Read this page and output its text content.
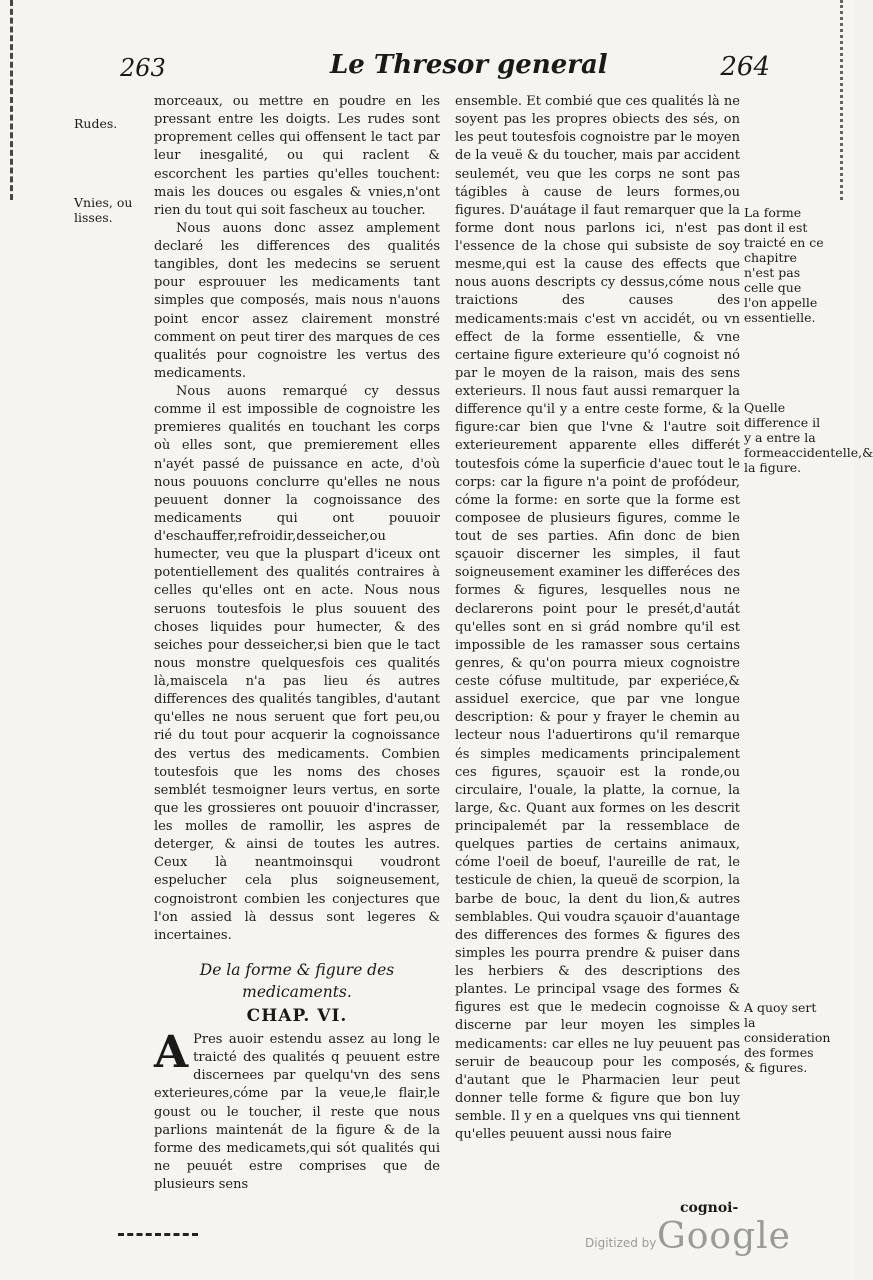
263	Le Thresor general	264
Rudes.
Vnies, ou lisses.	La forme dont il est traicté en ce chapitre n'est pas celle que l'on appelle essentielle.
Quelle difference il y a entre la formeaccidentelle,& la figure.
A quoy sert la consideration des formes & figures.

morceaux, ou mettre en poudre en les pressant entre les doigts. Les rudes sont proprement celles qui offensent le tact par leur inesgalité, ou qui raclent & escorchent les parties qu'elles touchent: mais les douces ou esgales & vnies,n'ont rien du tout qui soit fascheux au toucher.

Nous auons donc assez amplement declaré les differences des qualités tangibles, dont les medecins se seruent pour esprouuer les medicaments tant simples que composés, mais nous n'auons point encor assez clairement monstré comment on peut tirer des marques de ces qualités pour cognoistre les vertus des medicaments.

Nous auons remarqué cy dessus comme il est impossible de cognoistre les premieres qualités en touchant les corps où elles sont, que premierement elles n'ayét passé de puissance en acte, d'où nous pouuons conclurre qu'elles ne nous peuuent donner la cognoissance des medicaments qui ont pouuoir d'eschauffer,refroidir,desseicher,ou humecter, veu que la pluspart d'iceux ont potentiellement des qualités contraires à celles qu'elles ont en acte. Nous nous seruons toutesfois le plus souuent des choses liquides pour humecter, & des seiches pour desseicher,si bien que le tact nous monstre quelquesfois ces qualités là,maiscela n'a pas lieu és autres differences des qualités tangibles, d'autant qu'elles ne nous seruent que fort peu,ou rié du tout pour acquerir la cognoissance des vertus des medicaments. Combien toutesfois que les noms des choses semblét tesmoigner leurs vertus, en sorte que les grossieres ont pouuoir d'incrasser, les molles de ramollir, les aspres de deterger, & ainsi de toutes les autres. Ceux là neantmoinsqui voudront espelucher cela plus soigneusement, cognoistront combien les conjectures que l'on assied là dessus sont legeres & incertaines.

De la forme & figure des medicaments.
CHAP. VI.

A Pres auoir estendu assez au long le traicté des qualités q peuuent estre discernees par quelqu'vn des sens exterieures,cóme par la veue,le flair,le goust ou le toucher, il reste que nous parlions maintenát de la figure & de la forme des medicamets,qui sót qualités qui ne peuuét estre comprises que de plusieurs sens

ensemble. Et combié que ces qualités là ne soyent pas les propres obiects des sés, on les peut toutesfois cognoistre par le moyen de la veuë & du toucher, mais par accident seulemét, veu que les corps ne sont pas tágibles à cause de leurs formes,ou figures. D'auátage il faut remarquer que la forme dont nous parlons ici, n'est pas l'essence de la chose qui subsiste de soy mesme,qui est la cause des effects que nous auons descripts cy dessus,cóme nous traictions des causes des medicaments:mais c'est vn accidét, ou vn effect de la forme essentielle, & vne certaine figure exterieure qu'ó cognoist nó par le moyen de la raison, mais des sens exterieurs. Il nous faut aussi remarquer la difference qu'il y a entre ceste forme, & la figure:car bien que l'vne & l'autre soit exterieurement apparente elles differét toutesfois cóme la superficie d'auec tout le corps: car la figure n'a point de profódeur, cóme la forme: en sorte que la forme est composee de plusieurs figures, comme le tout de ses parties. Afin donc de bien sçauoir discerner les simples, il faut soigneusement examiner les differéces des formes & figures, lesquelles nous ne declarerons point pour le presét,d'autát qu'elles sont en si grád nombre qu'il est impossible de les ramasser sous certains genres, & qu'on pourra mieux cognoistre ceste cófuse multitude, par experiéce,& assiduel exercice, que par vne longue description: & pour y frayer le chemin au lecteur nous l'aduertirons qu'il remarque és simples medicaments principalement ces figures, sçauoir est la ronde,ou circulaire, l'ouale, la platte, la cornue, la large, &c. Quant aux formes on les descrit principalemét par la ressemblace de quelques parties de certains animaux, cóme l'oeil de boeuf, l'aureille de rat, le testicule de chien, la queuë de scorpion, la barbe de bouc, la dent du lion,& autres semblables. Qui voudra sçauoir d'auantage des differences des formes & figures des simples les pourra prendre & puiser dans les herbiers & des descriptions des plantes. Le principal vsage des formes & figures est que le medecin cognoisse & discerne par leur moyen les simples medicaments: car elles ne luy peuuent pas seruir de beaucoup pour les composés, d'autant que le Pharmacien leur peut donner telle forme & figure que bon luy semble. Il y en a quelques vns qui tiennent qu'elles peuuent aussi nous faire

cognoi-
Digitized by Google
